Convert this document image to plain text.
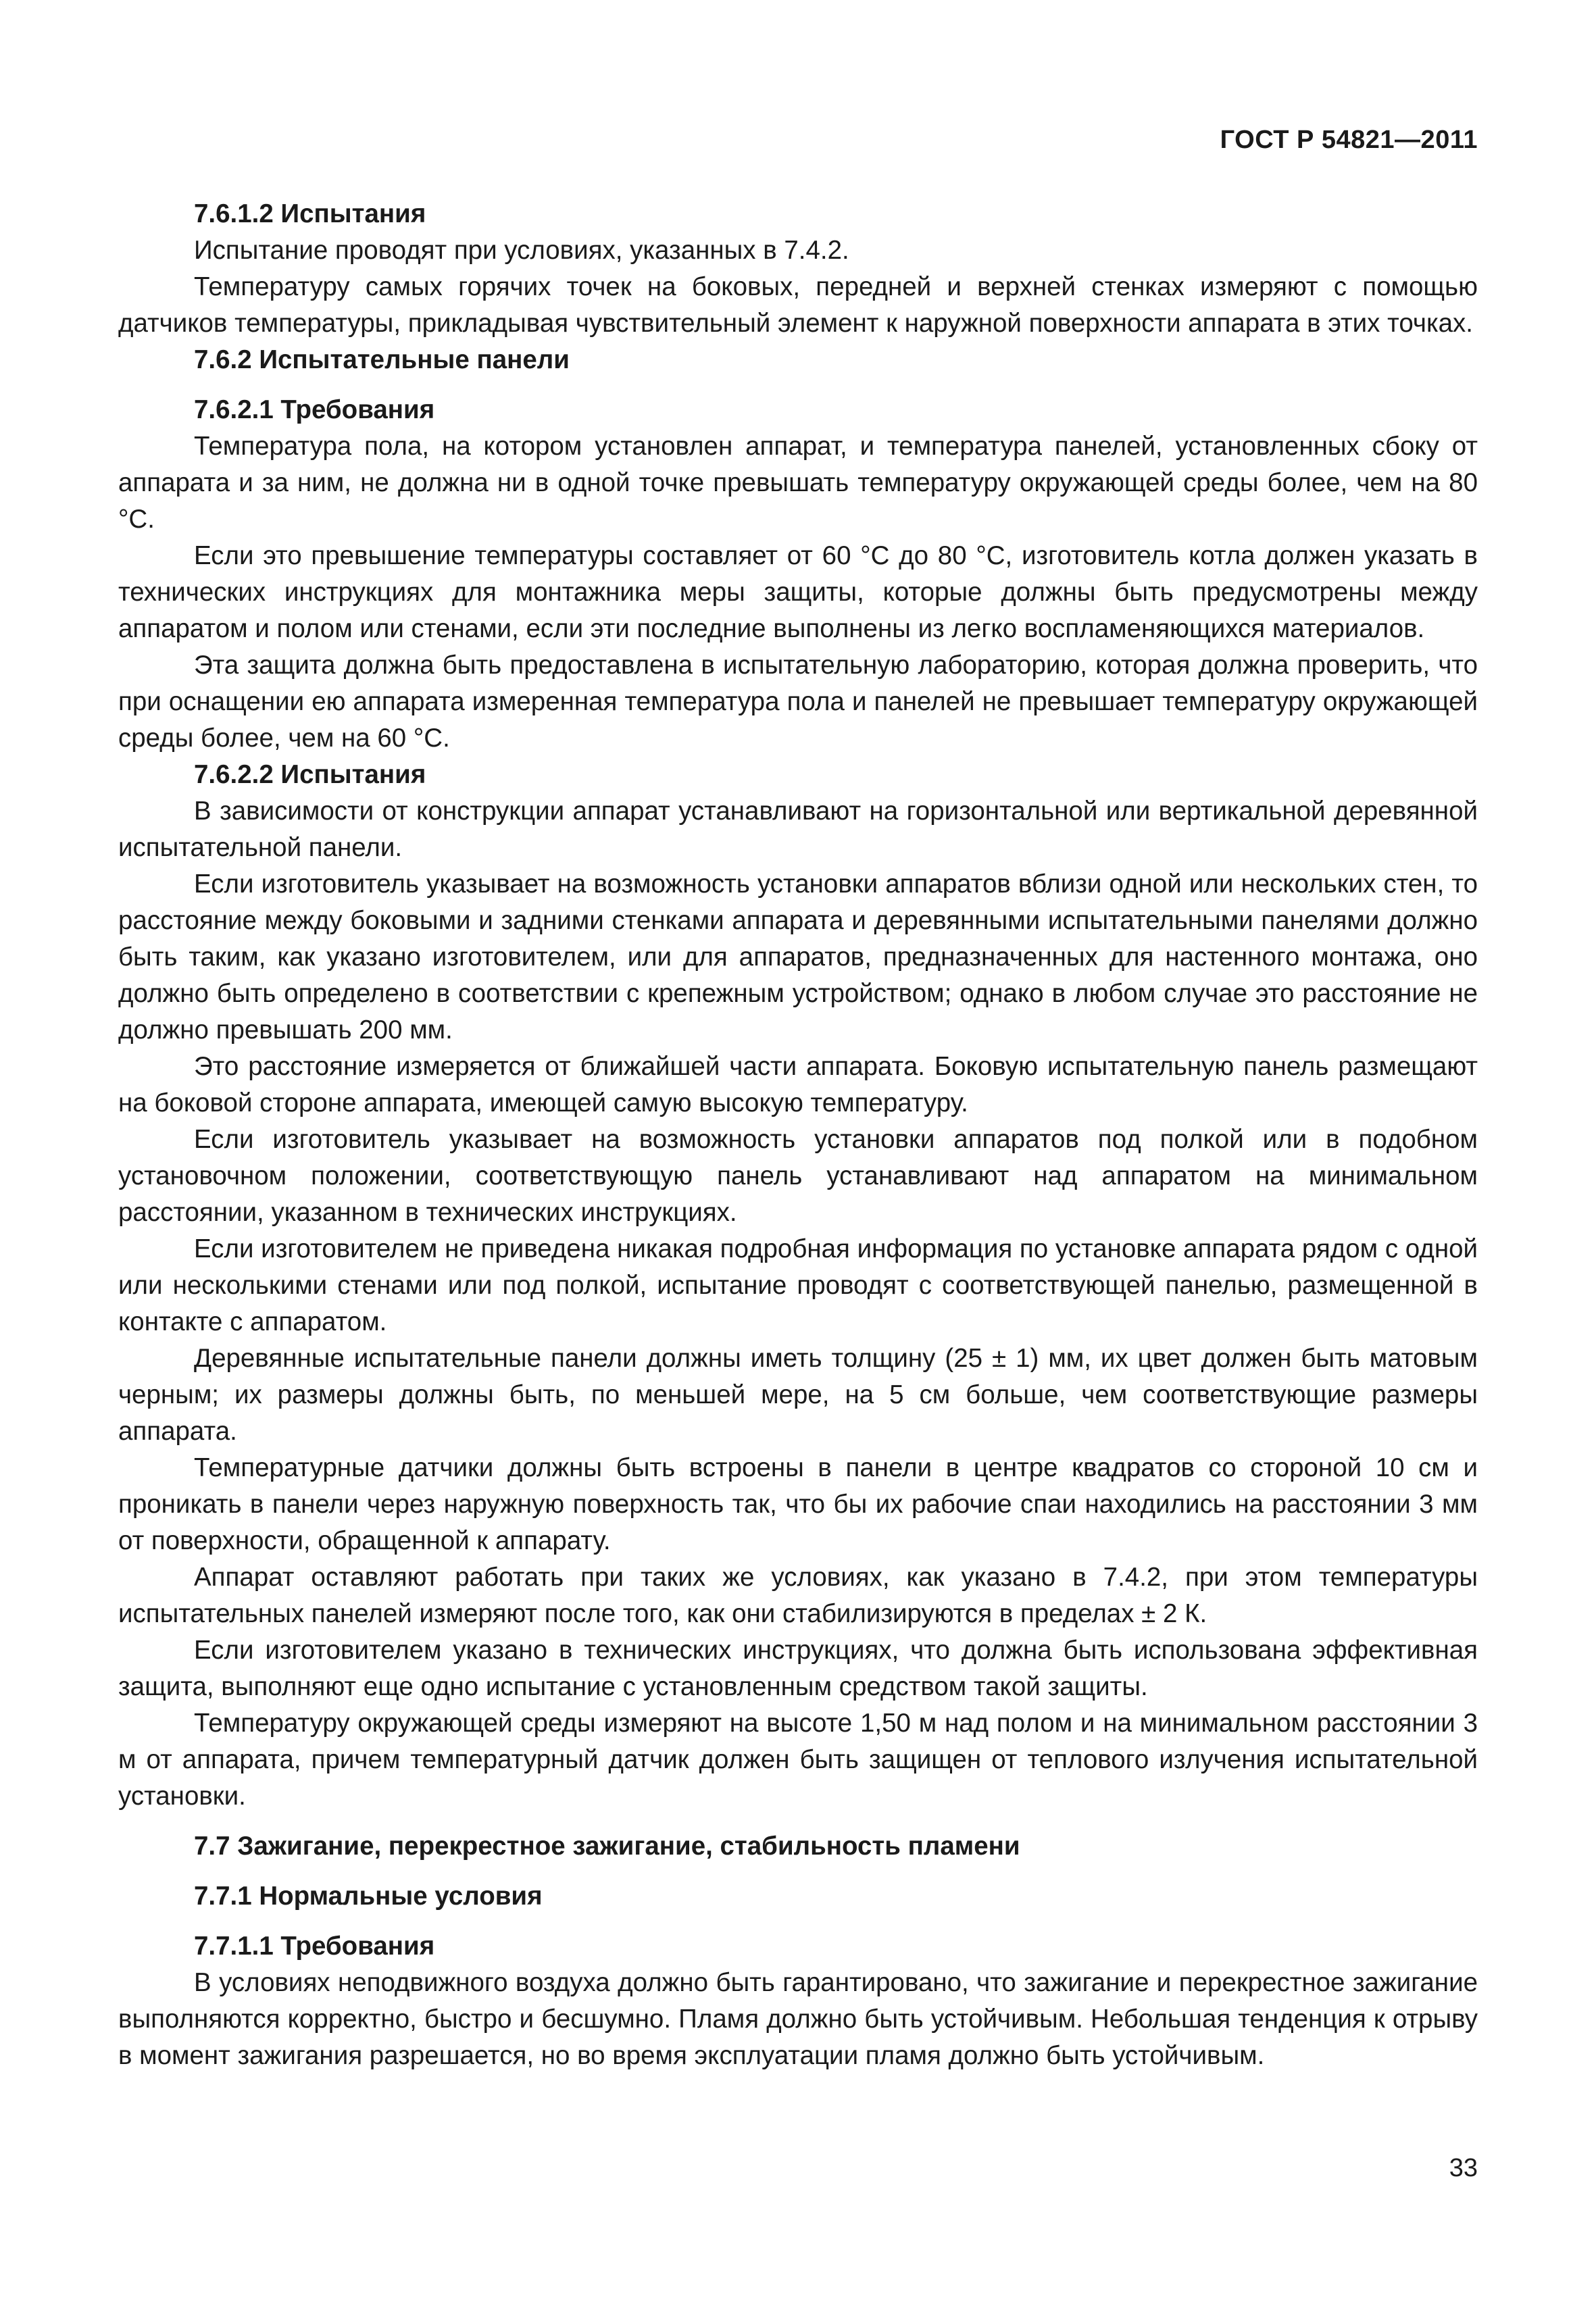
ГОСТ Р 54821—2011
7.6.1.2 Испытания

Испытание проводят при условиях, указанных в 7.4.2.

Температуру самых горячих точек на боковых, передней и верхней стенках измеряют с помощью датчиков температуры, прикладывая чувствительный элемент к наружной поверхности аппарата в этих точках.

7.6.2 Испытательные панели
7.6.2.1 Требования

Температура пола, на котором установлен аппарат, и температура панелей, установленных сбоку от аппарата и за ним, не должна ни в одной точке превышать температуру окружающей среды более, чем на 80 °С.

Если это превышение температуры составляет от 60 °С до 80 °С, изготовитель котла должен указать в технических инструкциях для монтажника меры защиты, которые должны быть предусмотрены между аппаратом и полом или стенами, если эти последние выполнены из легко воспламеняющихся материалов.

Эта защита должна быть предоставлена в испытательную лабораторию, которая должна проверить, что при оснащении ею аппарата измеренная температура пола и панелей не превышает температуру окружающей среды более, чем на 60 °С.

7.6.2.2 Испытания

В зависимости от конструкции аппарат устанавливают на горизонтальной или вертикальной деревянной испытательной панели.

Если изготовитель указывает на возможность установки аппаратов вблизи одной или нескольких стен, то расстояние между боковыми и задними стенками аппарата и деревянными испытательными панелями должно быть таким, как указано изготовителем, или для аппаратов, предназначенных для настенного монтажа, оно должно быть определено в соответствии с крепежным устройством; однако в любом случае это расстояние не должно превышать 200 мм.

Это расстояние измеряется от ближайшей части аппарата. Боковую испытательную панель размещают на боковой стороне аппарата, имеющей самую высокую температуру.

Если изготовитель указывает на возможность установки аппаратов под полкой или в подобном установочном положении, соответствующую панель устанавливают над аппаратом на минимальном расстоянии, указанном в технических инструкциях.

Если изготовителем не приведена никакая подробная информация по установке аппарата рядом с одной или несколькими стенами или под полкой, испытание проводят с соответствующей панелью, размещенной в контакте с аппаратом.

Деревянные испытательные панели должны иметь толщину (25 ± 1) мм, их цвет должен быть матовым черным; их размеры должны быть, по меньшей мере, на 5 см больше, чем соответствующие размеры аппарата.

Температурные датчики должны быть встроены в панели в центре квадратов со стороной 10 см и проникать в панели через наружную поверхность так, что бы их рабочие спаи находились на расстоянии 3 мм от поверхности, обращенной к аппарату.

Аппарат оставляют работать при таких же условиях, как указано в 7.4.2, при этом температуры испытательных панелей измеряют после того, как они стабилизируются в пределах ± 2 К.

Если изготовителем указано в технических инструкциях, что должна быть использована эффективная защита, выполняют еще одно испытание с установленным средством такой защиты.

Температуру окружающей среды измеряют на высоте 1,50 м над полом и на минимальном расстоянии 3 м от аппарата, причем температурный датчик должен быть защищен от теплового излучения испытательной установки.

7.7 Зажигание, перекрестное зажигание, стабильность пламени
7.7.1 Нормальные условия
7.7.1.1 Требования

В условиях неподвижного воздуха должно быть гарантировано, что зажигание и перекрестное зажигание выполняются корректно, быстро и бесшумно. Пламя должно быть устойчивым. Небольшая тенденция к отрыву в момент зажигания разрешается, но во время эксплуатации пламя должно быть устойчивым.

33
